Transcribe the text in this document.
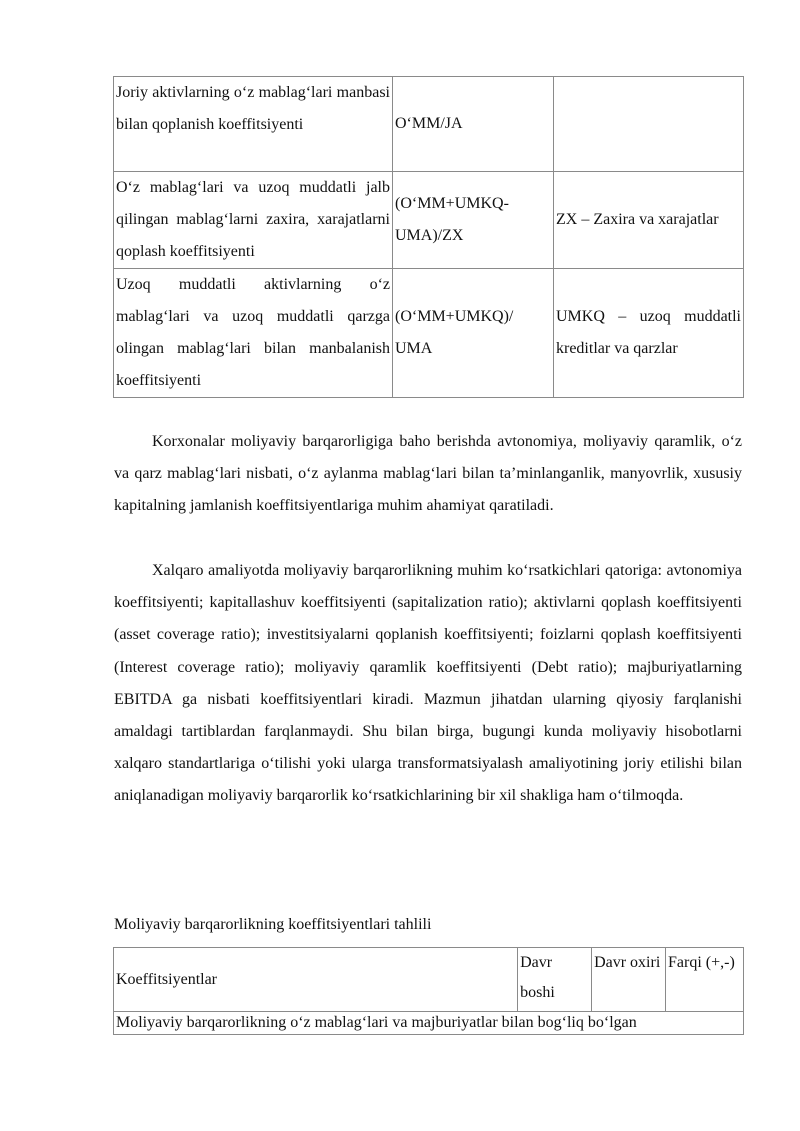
Joriy aktivlarning o‘z mablag‘lari manbasi bilan qoplanish koeffitsiyenti	O‘MM/JA	
O‘z mablag‘lari va uzoq muddatli jalb qilingan mablag‘larni zaxira, xarajatlarni qoplash koeffitsiyenti	(O‘MM+UMKQ-UMA)/ZX	ZX – Zaxira va xarajatlar
Uzoq muddatli aktivlarning o‘z mablag‘lari va uzoq muddatli qarzga olingan mablag‘lari bilan manbalanish koeffitsiyenti	(O‘MM+UMKQ)/ UMA	UMKQ – uzoq muddatli kreditlar va qarzlar

Korxonalar moliyaviy barqarorligiga baho berishda avtonomiya, moliyaviy qaramlik, o‘z va qarz mablag‘lari nisbati, o‘z aylanma mablag‘lari bilan ta’minlanganlik, manyovrlik, xususiy kapitalning jamlanish koeffitsiyentlariga muhim ahamiyat qaratiladi.

Xalqaro amaliyotda moliyaviy barqarorlikning muhim ko‘rsatkichlari qatoriga: avtonomiya koeffitsiyenti; kapitallashuv koeffitsiyenti (sapitalization ratio); aktivlarni qoplash koeffitsiyenti (asset coverage ratio); investitsiyalarni qoplanish koeffitsiyenti; foizlarni qoplash koeffitsiyenti (Interest coverage ratio); moliyaviy qaramlik koeffitsiyenti (Debt ratio); majburiyatlarning EBITDA ga nisbati koeffitsiyentlari kiradi. Mazmun jihatdan ularning qiyosiy farqlanishi amaldagi tartiblardan farqlanmaydi. Shu bilan birga, bugungi kunda moliyaviy hisobotlarni xalqaro standartlariga o‘tilishi yoki ularga transformatsiyalash amaliyotining joriy etilishi bilan aniqlanadigan moliyaviy barqarorlik ko‘rsatkichlarining bir xil shakliga ham o‘tilmoqda.

Moliyaviy barqarorlikning koeffitsiyentlari tahlili

Koeffitsiyentlar	Davr boshi	Davr oxiri	Farqi (+,-)
Moliyaviy barqarorlikning o‘z mablag‘lari va majburiyatlar bilan bog‘liq bo‘lgan
